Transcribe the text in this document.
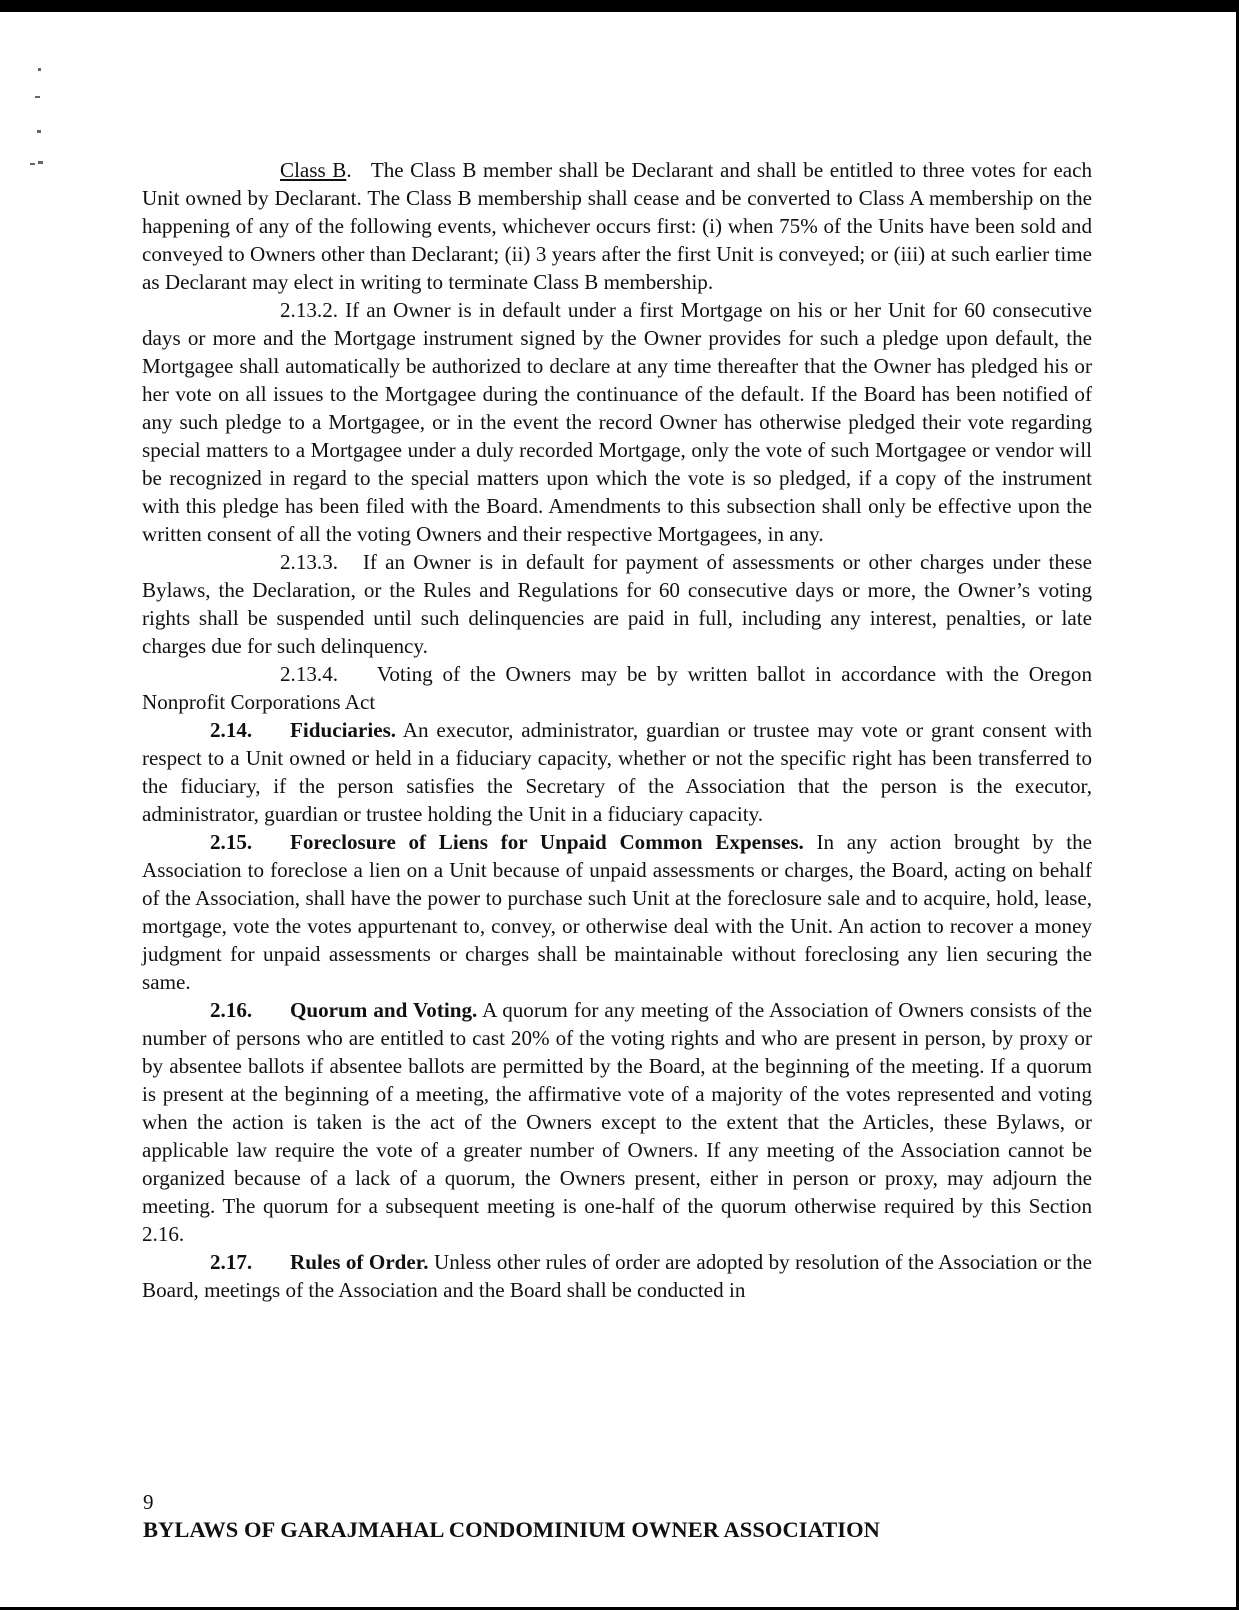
Class B.   The Class B member shall be Declarant and shall be entitled to three votes for each Unit owned by Declarant. The Class B membership shall cease and be converted to Class A membership on the happening of any of the following events, whichever occurs first: (i) when 75% of the Units have been sold and conveyed to Owners other than Declarant; (ii) 3 years after the first Unit is conveyed; or (iii) at such earlier time as Declarant may elect in writing to terminate Class B membership.

2.13.2. If an Owner is in default under a first Mortgage on his or her Unit for 60 consecutive days or more and the Mortgage instrument signed by the Owner provides for such a pledge upon default, the Mortgagee shall automatically be authorized to declare at any time thereafter that the Owner has pledged his or her vote on all issues to the Mortgagee during the continuance of the default. If the Board has been notified of any such pledge to a Mortgagee, or in the event the record Owner has otherwise pledged their vote regarding special matters to a Mortgagee under a duly recorded Mortgage, only the vote of such Mortgagee or vendor will be recognized in regard to the special matters upon which the vote is so pledged, if a copy of the instrument with this pledge has been filed with the Board. Amendments to this subsection shall only be effective upon the written consent of all the voting Owners and their respective Mortgagees, in any.

2.13.3. If an Owner is in default for payment of assessments or other charges under these Bylaws, the Declaration, or the Rules and Regulations for 60 consecutive days or more, the Owner’s voting rights shall be suspended until such delinquencies are paid in full, including any interest, penalties, or late charges due for such delinquency.

2.13.4. Voting of the Owners may be by written ballot in accordance with the Oregon Nonprofit Corporations Act

2.14. Fiduciaries. An executor, administrator, guardian or trustee may vote or grant consent with respect to a Unit owned or held in a fiduciary capacity, whether or not the specific right has been transferred to the fiduciary, if the person satisfies the Secretary of the Association that the person is the executor, administrator, guardian or trustee holding the Unit in a fiduciary capacity.

2.15. Foreclosure of Liens for Unpaid Common Expenses. In any action brought by the Association to foreclose a lien on a Unit because of unpaid assessments or charges, the Board, acting on behalf of the Association, shall have the power to purchase such Unit at the foreclosure sale and to acquire, hold, lease, mortgage, vote the votes appurtenant to, convey, or otherwise deal with the Unit. An action to recover a money judgment for unpaid assessments or charges shall be maintainable without foreclosing any lien securing the same.

2.16. Quorum and Voting. A quorum for any meeting of the Association of Owners consists of the number of persons who are entitled to cast 20% of the voting rights and who are present in person, by proxy or by absentee ballots if absentee ballots are permitted by the Board, at the beginning of the meeting. If a quorum is present at the beginning of a meeting, the affirmative vote of a majority of the votes represented and voting when the action is taken is the act of the Owners except to the extent that the Articles, these Bylaws, or applicable law require the vote of a greater number of Owners. If any meeting of the Association cannot be organized because of a lack of a quorum, the Owners present, either in person or proxy, may adjourn the meeting. The quorum for a subsequent meeting is one-half of the quorum otherwise required by this Section 2.16.

2.17. Rules of Order. Unless other rules of order are adopted by resolution of the Association or the Board, meetings of the Association and the Board shall be conducted in

9
BYLAWS OF GARAJMAHAL CONDOMINIUM OWNER ASSOCIATION
